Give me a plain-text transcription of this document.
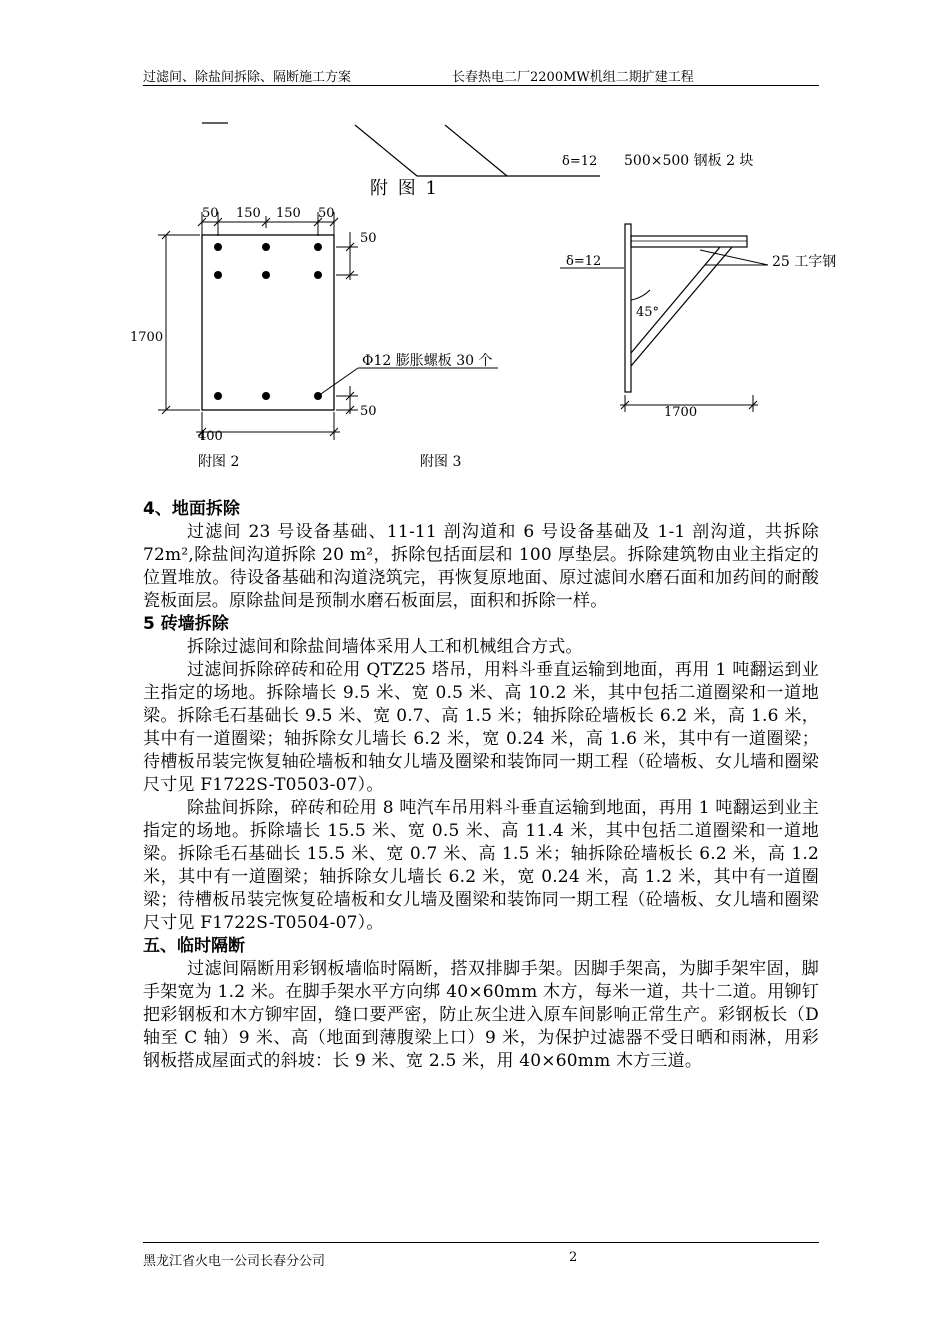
过滤间、除盐间拆除、隔断施工方案	长春热电二厂2200MW机组二期扩建工程
δ=12 500×500 钢板 2 块
附 图 1
50 150 150 50
50
50
1700
400
Φ12 膨胀螺板 30 个
附图 2
δ=12	25 工字钢
45°
1700
附图 3

4、地面拆除

过滤间 23 号设备基础、11-11 剖沟道和 6 号设备基础及 1-1 剖沟道，共拆除 72m²,除盐间沟道拆除 20 m²，拆除包括面层和 100 厚垫层。拆除建筑物由业主指定的位置堆放。待设备基础和沟道浇筑完，再恢复原地面、原过滤间水磨石面和加药间的耐酸瓷板面层。原除盐间是预制水磨石板面层，面积和拆除一样。

5 砖墙拆除

拆除过滤间和除盐间墙体采用人工和机械组合方式。

过滤间拆除碎砖和砼用 QTZ25 塔吊，用料斗垂直运输到地面，再用 1 吨翻运到业主指定的场地。拆除墙长 9.5 米、宽 0.5 米、高 10.2 米，其中包括二道圈梁和一道地梁。拆除毛石基础长 9.5 米、宽 0.7、高 1.5 米；轴拆除砼墙板长 6.2 米，高 1.6 米，其中有一道圈梁；轴拆除女儿墙长 6.2 米，宽 0.24 米，高 1.6 米，其中有一道圈梁；待槽板吊装完恢复轴砼墙板和轴女儿墙及圈梁和装饰同一期工程（砼墙板、女儿墙和圈梁尺寸见 F1722S-T0503-07）。

除盐间拆除，碎砖和砼用 8 吨汽车吊用料斗垂直运输到地面，再用 1 吨翻运到业主指定的场地。拆除墙长 15.5 米、宽 0.5 米、高 11.4 米，其中包括二道圈梁和一道地梁。拆除毛石基础长 15.5 米、宽 0.7 米、高 1.5 米；轴拆除砼墙板长 6.2 米，高 1.2 米，其中有一道圈梁；轴拆除女儿墙长 6.2 米，宽 0.24 米，高 1.2 米，其中有一道圈梁；待槽板吊装完恢复砼墙板和女儿墙及圈梁和装饰同一期工程（砼墙板、女儿墙和圈梁尺寸见 F1722S-T0504-07）。

五、临时隔断

过滤间隔断用彩钢板墙临时隔断，搭双排脚手架。因脚手架高，为脚手架牢固，脚手架宽为 1.2 米。在脚手架水平方向绑 40×60mm 木方，每米一道，共十二道。用铆钉把彩钢板和木方铆牢固，缝口要严密，防止灰尘进入原车间影响正常生产。彩钢板长（D 轴至 C 轴）9 米、高（地面到薄腹梁上口）9 米，为保护过滤器不受日晒和雨淋，用彩钢板搭成屋面式的斜坡：长 9 米、宽 2.5 米，用 40×60mm 木方三道。

黑龙江省火电一公司长春分公司	2
